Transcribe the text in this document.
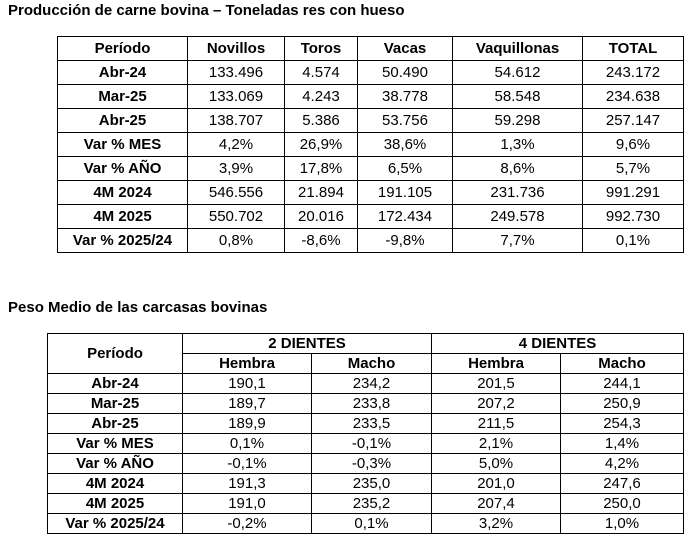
Producción de carne bovina – Toneladas res con hueso
Período	Novillos	Toros	Vacas	Vaquillonas	TOTAL
Abr-24	133.496	4.574	50.490	54.612	243.172
Mar-25	133.069	4.243	38.778	58.548	234.638
Abr-25	138.707	5.386	53.756	59.298	257.147
Var % MES	4,2%	26,9%	38,6%	1,3%	9,6%
Var % AÑO	3,9%	17,8%	6,5%	8,6%	5,7%
4M 2024	546.556	21.894	191.105	231.736	991.291
4M 2025	550.702	20.016	172.434	249.578	992.730
Var % 2025/24	0,8%	-8,6%	-9,8%	7,7%	0,1%
Peso Medio de las carcasas bovinas
Período	2 DIENTES		4 DIENTES	
	Hembra	Macho	Hembra	Macho
Abr-24	190,1	234,2	201,5	244,1
Mar-25	189,7	233,8	207,2	250,9
Abr-25	189,9	233,5	211,5	254,3
Var % MES	0,1%	-0,1%	2,1%	1,4%
Var % AÑO	-0,1%	-0,3%	5,0%	4,2%
4M 2024	191,3	235,0	201,0	247,6
4M 2025	191,0	235,2	207,4	250,0
Var % 2025/24	-0,2%	0,1%	3,2%	1,0%
